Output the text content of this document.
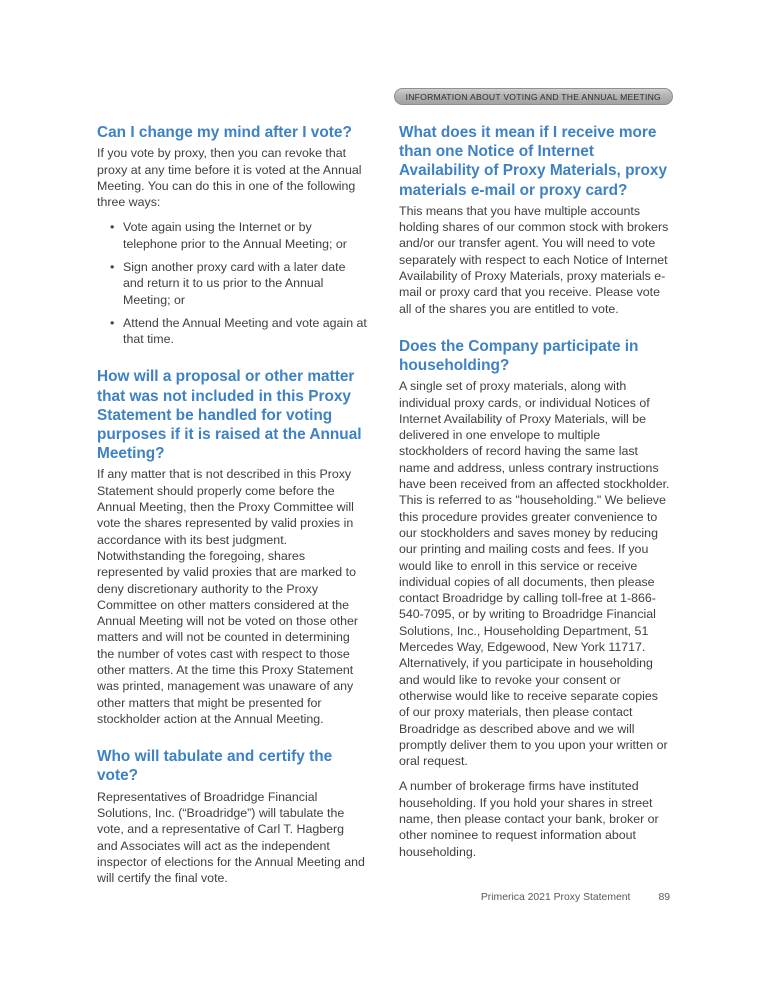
INFORMATION ABOUT VOTING AND THE ANNUAL MEETING
Can I change my mind after I vote?

If you vote by proxy, then you can revoke that proxy at any time before it is voted at the Annual Meeting. You can do this in one of the following three ways:

• Vote again using the Internet or by telephone prior to the Annual Meeting; or
• Sign another proxy card with a later date and return it to us prior to the Annual Meeting; or
• Attend the Annual Meeting and vote again at that time.
How will a proposal or other matter that was not included in this Proxy Statement be handled for voting purposes if it is raised at the Annual Meeting?

If any matter that is not described in this Proxy Statement should properly come before the Annual Meeting, then the Proxy Committee will vote the shares represented by valid proxies in accordance with its best judgment. Notwithstanding the foregoing, shares represented by valid proxies that are marked to deny discretionary authority to the Proxy Committee on other matters considered at the Annual Meeting will not be voted on those other matters and will not be counted in determining the number of votes cast with respect to those other matters. At the time this Proxy Statement was printed, management was unaware of any other matters that might be presented for stockholder action at the Annual Meeting.

Who will tabulate and certify the vote?

Representatives of Broadridge Financial Solutions, Inc. (“Broadridge”) will tabulate the vote, and a representative of Carl T. Hagberg and Associates will act as the independent inspector of elections for the Annual Meeting and will certify the final vote.

What does it mean if I receive more than one Notice of Internet Availability of Proxy Materials, proxy materials e-mail or proxy card?

This means that you have multiple accounts holding shares of our common stock with brokers and/or our transfer agent. You will need to vote separately with respect to each Notice of Internet Availability of Proxy Materials, proxy materials e-mail or proxy card that you receive. Please vote all of the shares you are entitled to vote.

Does the Company participate in householding?

A single set of proxy materials, along with individual proxy cards, or individual Notices of Internet Availability of Proxy Materials, will be delivered in one envelope to multiple stockholders of record having the same last name and address, unless contrary instructions have been received from an affected stockholder. This is referred to as "householding." We believe this procedure provides greater convenience to our stockholders and saves money by reducing our printing and mailing costs and fees. If you would like to enroll in this service or receive individual copies of all documents, then please contact Broadridge by calling toll-free at 1-866-540-7095, or by writing to Broadridge Financial Solutions, Inc., Householding Department, 51 Mercedes Way, Edgewood, New York 11717. Alternatively, if you participate in householding and would like to revoke your consent or otherwise would like to receive separate copies of our proxy materials, then please contact Broadridge as described above and we will promptly deliver them to you upon your written or oral request.

A number of brokerage firms have instituted householding. If you hold your shares in street name, then please contact your bank, broker or other nominee to request information about householding.

Primerica 2021 Proxy Statement	89
